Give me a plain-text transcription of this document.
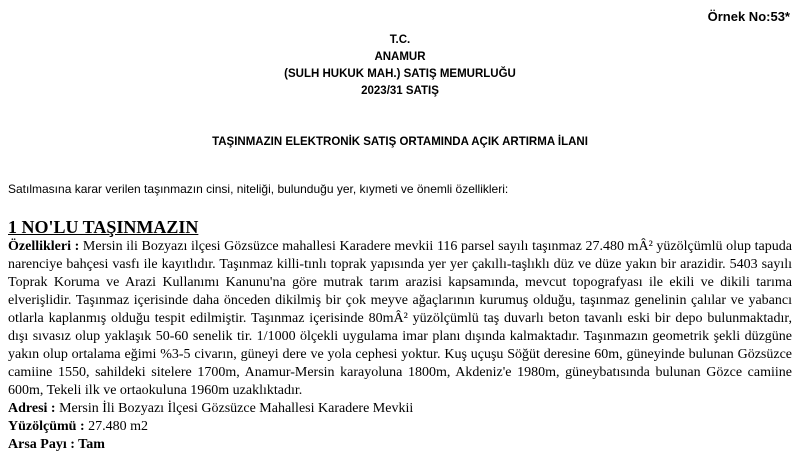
Örnek No:53*
T.C.
ANAMUR
(SULH HUKUK MAH.) SATIŞ MEMURLUĞU
2023/31 SATIŞ
TAŞINMAZIN ELEKTRONİK SATIŞ ORTAMINDA AÇIK ARTIRMA İLANI
Satılmasına karar verilen taşınmazın cinsi, niteliği, bulunduğu yer, kıymeti ve önemli özellikleri:
1 NO'LU TAŞINMAZIN

Özellikleri : Mersin ili Bozyazı ilçesi Gözsüzce mahallesi Karadere mevkii 116 parsel sayılı taşınmaz 27.480 mÂ² yüzölçümlü olup tapuda narenciye bahçesi vasfı ile kayıtlıdır. Taşınmaz killi-tınlı toprak yapısında yer yer çakıllı-taşlıklı düz ve düze yakın bir arazidir. 5403 sayılı Toprak Koruma ve Arazi Kullanımı Kanunu'na göre mutrak tarım arazisi kapsamında, mevcut topografyası ile ekili ve dikili tarıma elverişlidir. Taşınmaz içerisinde daha önceden dikilmiş bir çok meyve ağaçlarının kurumuş olduğu, taşınmaz genelinin çalılar ve yabancı otlarla kaplanmış olduğu tespit edilmiştir. Taşınmaz içerisinde 80mÂ² yüzölçümlü taş duvarlı beton tavanlı eski bir depo bulunmaktadır, dışı sıvasız olup yaklaşık 50-60 senelik tir. 1/1000 ölçekli uygulama imar planı dışında kalmaktadır. Taşınmazın geometrik şekli düzgüne yakın olup ortalama eğimi %3-5 civarın, güneyi dere ve yola cephesi yoktur. Kuş uçuşu Söğüt deresine 60m, güneyinde bulunan Gözsüzce camiine 1550, sahildeki sitelere 1700m, Anamur-Mersin karayoluna 1800m, Akdeniz'e 1980m, güneybatısında bulunan Gözce camiine 600m, Tekeli ilk ve ortaokuluna 1960m uzaklıktadır.

Adresi : Mersin İli Bozyazı İlçesi Gözsüzce Mahallesi Karadere Mevkii

Yüzölçümü : 27.480 m2

Arsa Payı : Tam
